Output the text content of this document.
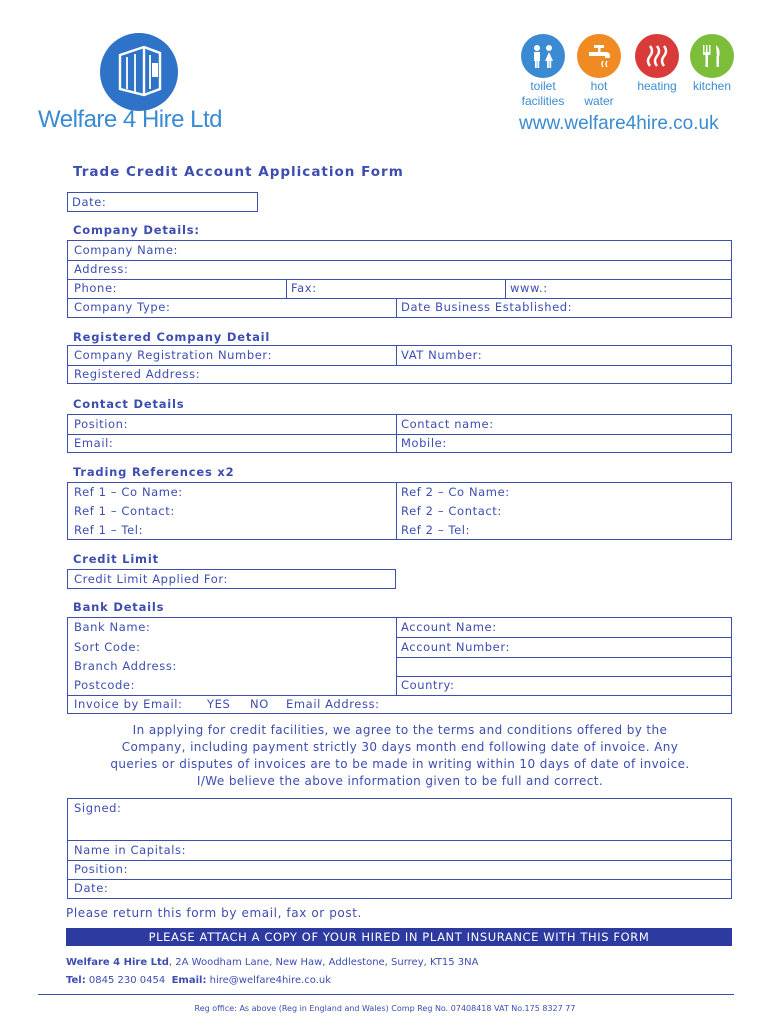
Welfare 4 Hire Ltd
toilet
facilities
hot
water
heating	kitchen
www.welfare4hire.co.uk
Trade Credit Account Application Form
Date:
Company Details:
Company Name:
Address:
Phone:	Fax:	www.:
Company Type:	Date Business Established:
Registered Company Detail
Company Registration Number:	VAT Number:
Registered Address:
Contact Details
Position:	Contact name:
Email:	Mobile:
Trading References x2
Ref 1 – Co Name:	Ref 2 – Co Name:
Ref 1 – Contact:	Ref 2 – Contact:
Ref 1 – Tel:	Ref 2 – Tel:
Credit Limit
Credit Limit Applied For:
Bank Details
Bank Name:	Account Name:
Sort Code:	Account Number:
Branch Address:
Postcode:	Country:
Invoice by Email:	YES	NO	Email Address:
In applying for credit facilities, we agree to the terms and conditions offered by the
Company, including payment strictly 30 days month end following date of invoice. Any
queries or disputes of invoices are to be made in writing within 10 days of date of invoice.
I/We believe the above information given to be full and correct.
Signed:
Name in Capitals:
Position:
Date:
Please return this form by email, fax or post.
PLEASE ATTACH A COPY OF YOUR HIRED IN PLANT INSURANCE WITH THIS FORM
Welfare 4 Hire Ltd, 2A Woodham Lane, New Haw, Addlestone, Surrey, KT15 3NA
Tel: 0845 230 0454 Email: hire@welfare4hire.co.uk
Reg office: As above (Reg in England and Wales) Comp Reg No. 07408418 VAT No.175 8327 77
